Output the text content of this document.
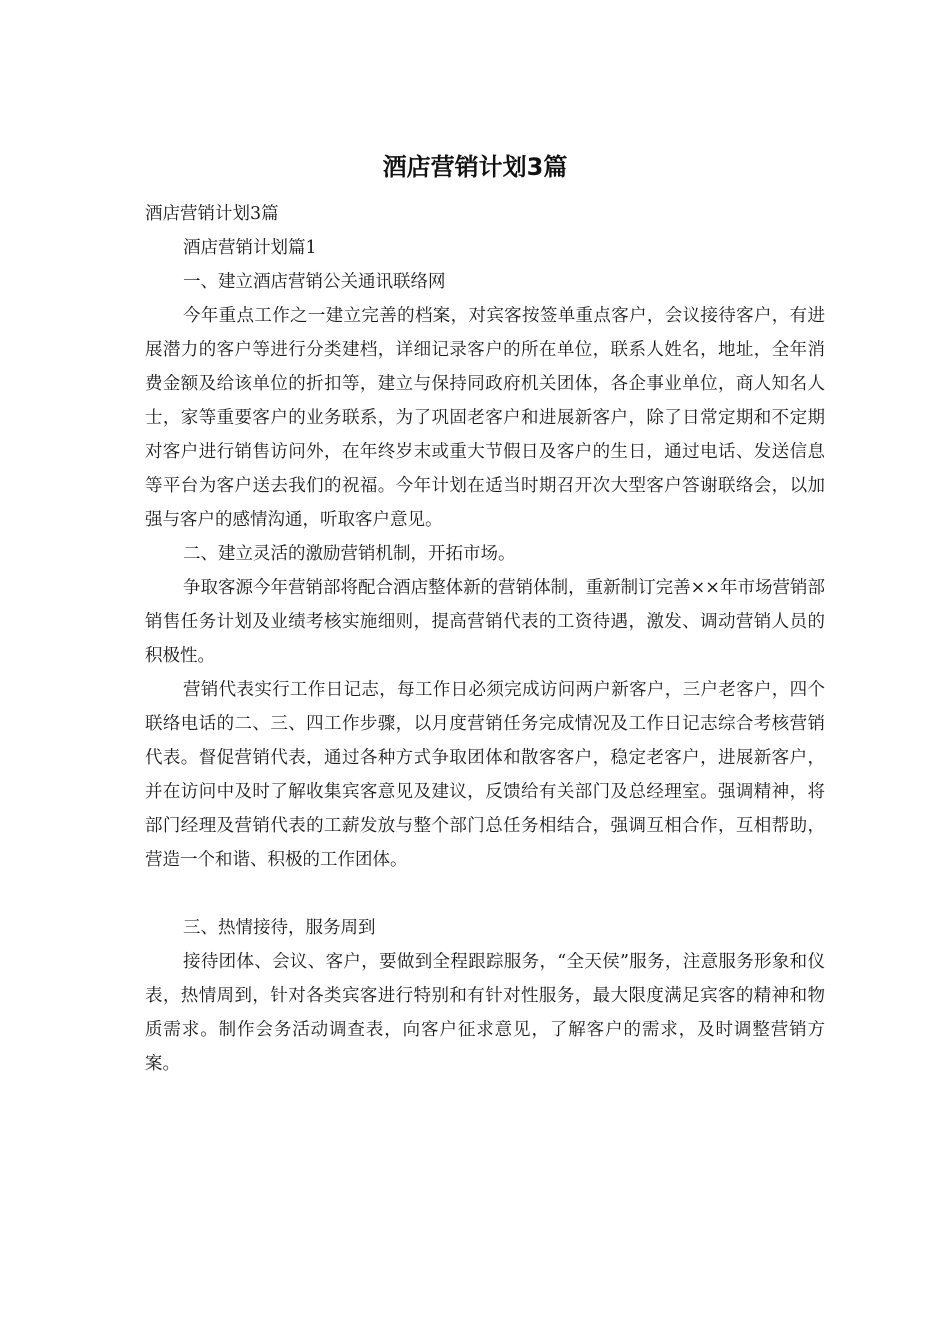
酒店营销计划3篇

酒店营销计划3篇

酒店营销计划篇1

一、建立酒店营销公关通讯联络网

今年重点工作之一建立完善的档案，对宾客按签单重点客户，会议接待客户，有进展潜力的客户等进行分类建档，详细记录客户的所在单位，联系人姓名，地址，全年消费金额及给该单位的折扣等，建立与保持同政府机关团体，各企事业单位，商人知名人士，家等重要客户的业务联系，为了巩固老客户和进展新客户，除了日常定期和不定期对客户进行销售访问外，在年终岁末或重大节假日及客户的生日，通过电话、发送信息等平台为客户送去我们的祝福。今年计划在适当时期召开次大型客户答谢联络会，以加强与客户的感情沟通，听取客户意见。

二、建立灵活的激励营销机制，开拓市场。

争取客源今年营销部将配合酒店整体新的营销体制，重新制订完善××年市场营销部销售任务计划及业绩考核实施细则，提高营销代表的工资待遇，激发、调动营销人员的积极性。

营销代表实行工作日记志，每工作日必须完成访问两户新客户，三户老客户，四个联络电话的二、三、四工作步骤，以月度营销任务完成情况及工作日记志综合考核营销代表。督促营销代表，通过各种方式争取团体和散客客户，稳定老客户，进展新客户，并在访问中及时了解收集宾客意见及建议，反馈给有关部门及总经理室。强调精神，将部门经理及营销代表的工薪发放与整个部门总任务相结合，强调互相合作，互相帮助，营造一个和谐、积极的工作团体。

三、热情接待，服务周到

接待团体、会议、客户，要做到全程跟踪服务，“全天侯”服务，注意服务形象和仪表，热情周到，针对各类宾客进行特别和有针对性服务，最大限度满足宾客的精神和物质需求。制作会务活动调查表，向客户征求意见，了解客户的需求，及时调整营销方案。
